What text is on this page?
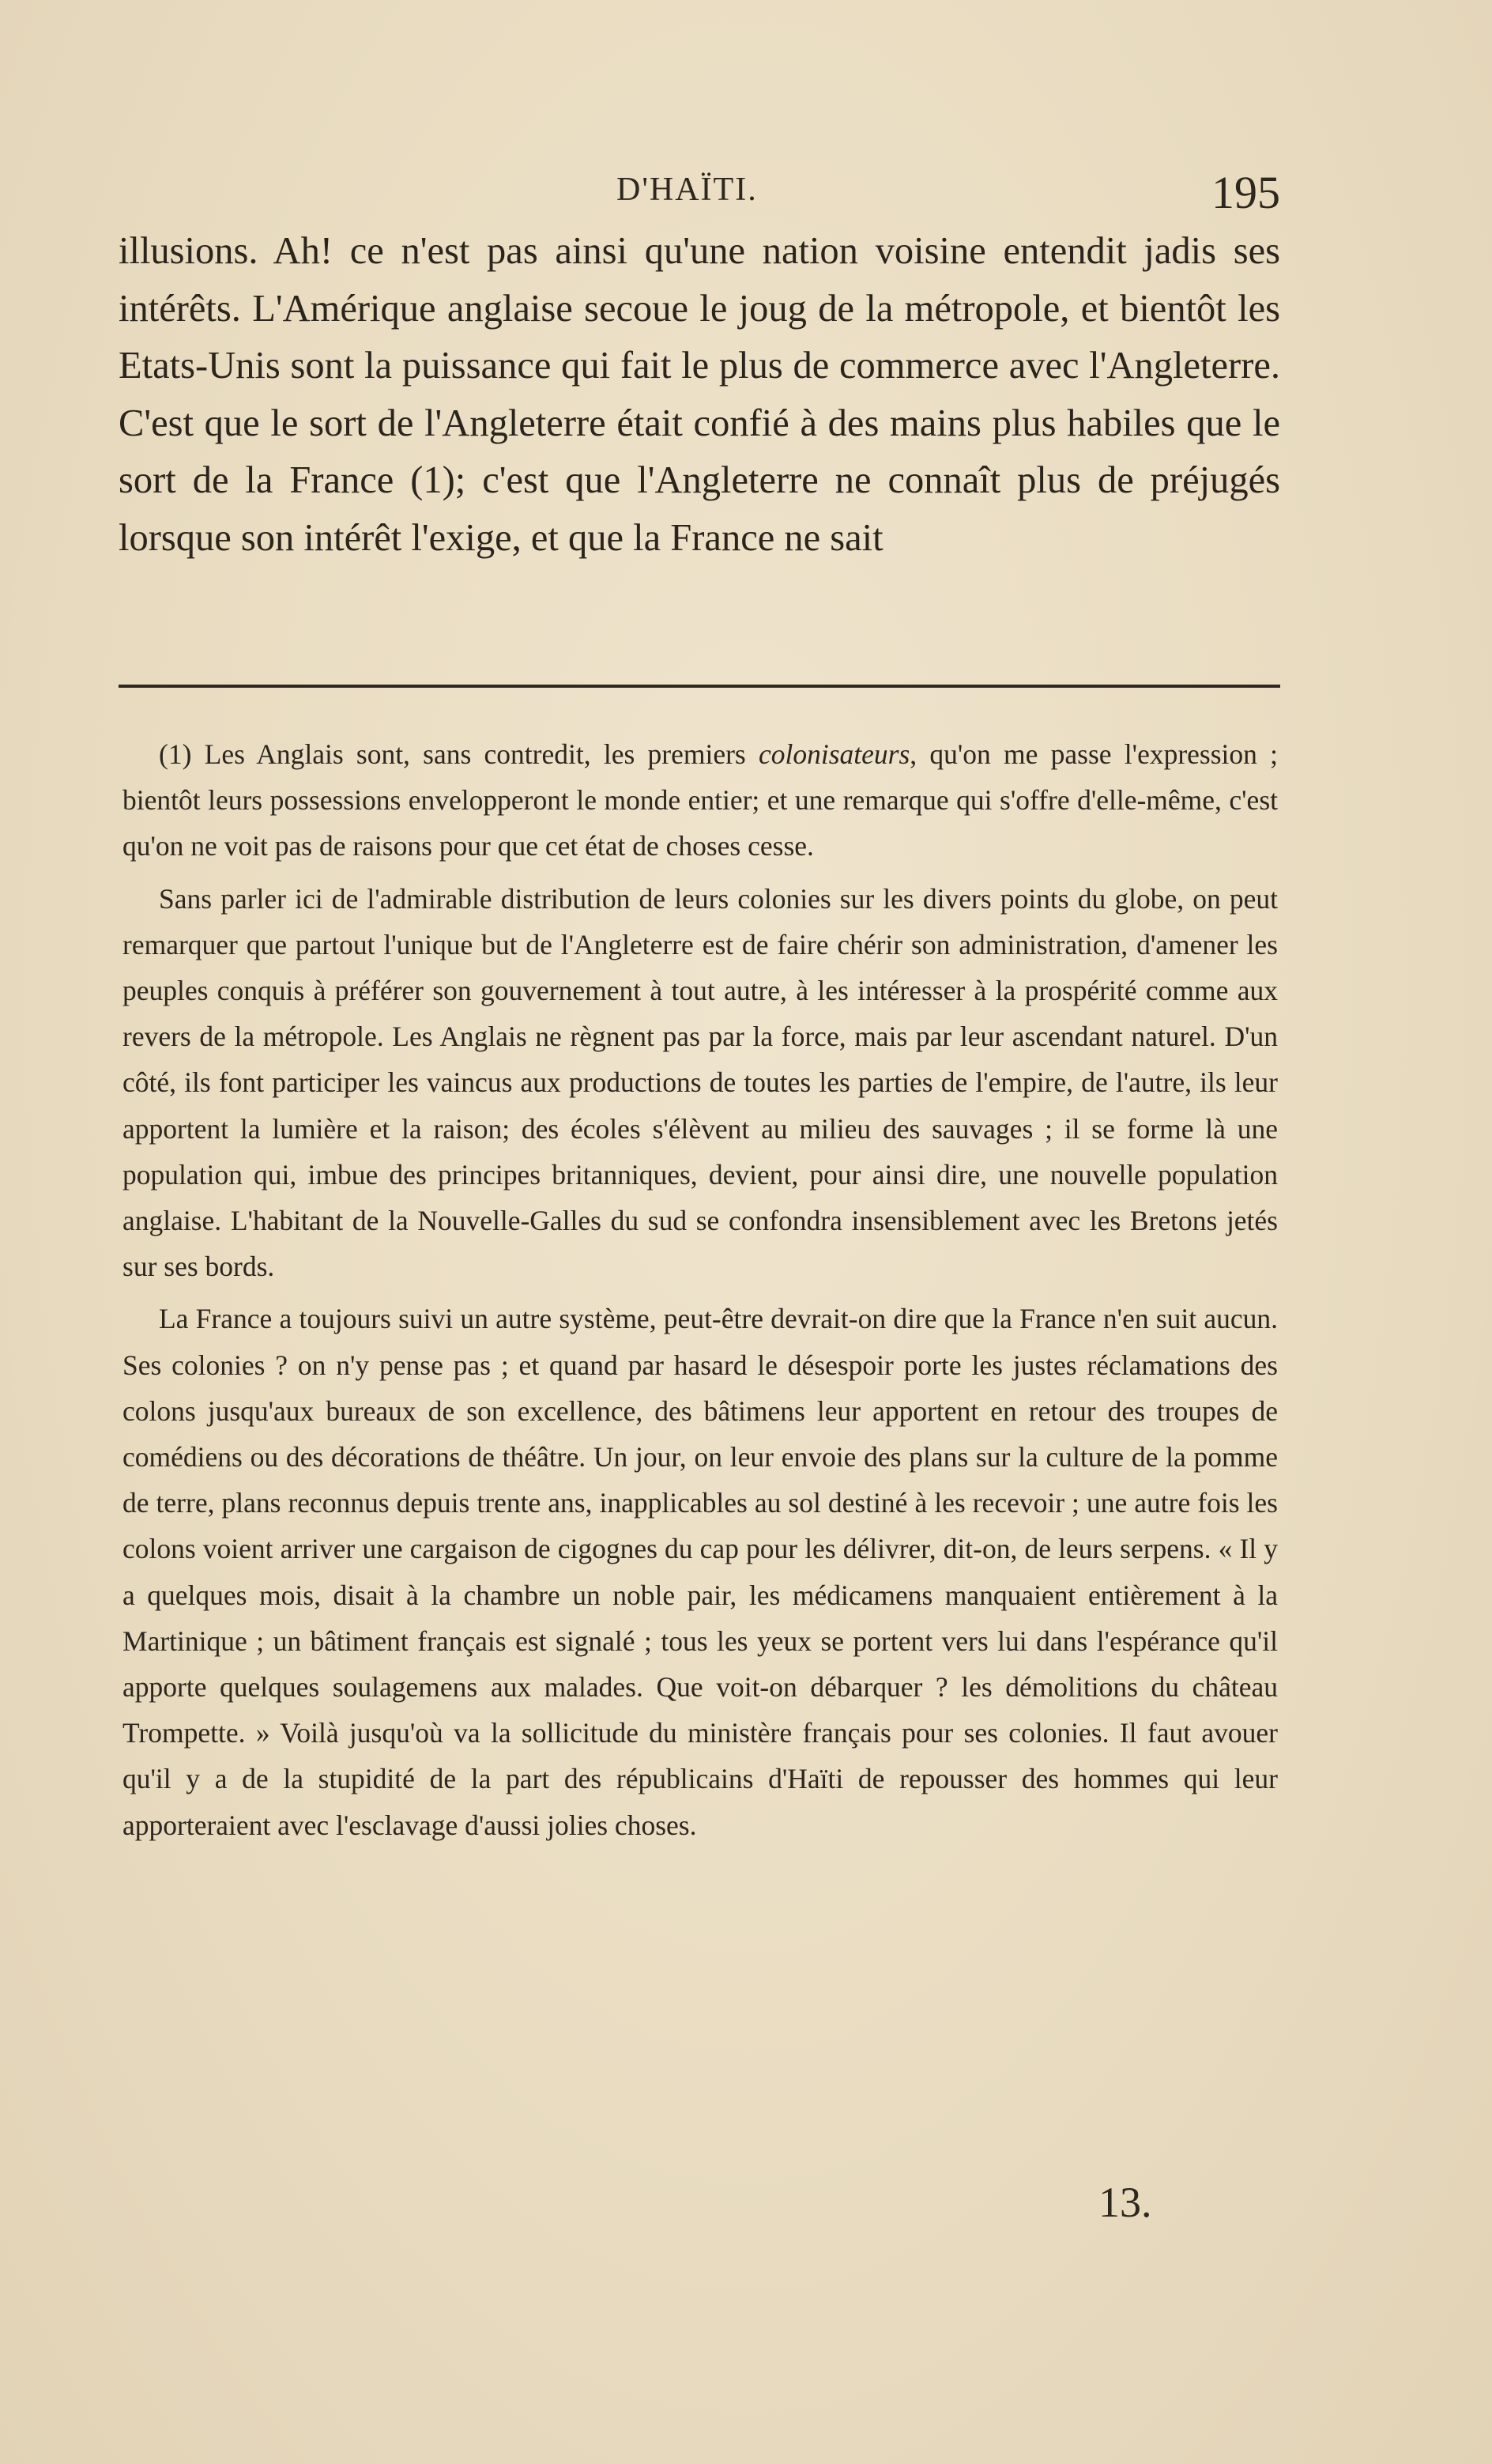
D'HAÏTI.	195

illusions. Ah! ce n'est pas ainsi qu'une nation voisine entendit jadis ses intérêts. L'Amérique anglaise secoue le joug de la métropole, et bientôt les Etats-Unis sont la puissance qui fait le plus de commerce avec l'Angleterre. C'est que le sort de l'Angleterre était confié à des mains plus habiles que le sort de la France (1); c'est que l'Angleterre ne connaît plus de préjugés lorsque son intérêt l'exige, et que la France ne sait

(1) Les Anglais sont, sans contredit, les premiers colonisateurs, qu'on me passe l'expression ; bientôt leurs possessions envelopperont le monde entier; et une remarque qui s'offre d'elle-même, c'est qu'on ne voit pas de raisons pour que cet état de choses cesse.

Sans parler ici de l'admirable distribution de leurs colonies sur les divers points du globe, on peut remarquer que partout l'unique but de l'Angleterre est de faire chérir son administration, d'amener les peuples conquis à préférer son gouvernement à tout autre, à les intéresser à la prospérité comme aux revers de la métropole. Les Anglais ne règnent pas par la force, mais par leur ascendant naturel. D'un côté, ils font participer les vaincus aux productions de toutes les parties de l'empire, de l'autre, ils leur apportent la lumière et la raison; des écoles s'élèvent au milieu des sauvages ; il se forme là une population qui, imbue des principes britanniques, devient, pour ainsi dire, une nouvelle population anglaise. L'habitant de la Nouvelle-Galles du sud se confondra insensiblement avec les Bretons jetés sur ses bords.

La France a toujours suivi un autre système, peut-être devrait-on dire que la France n'en suit aucun. Ses colonies ? on n'y pense pas ; et quand par hasard le désespoir porte les justes réclamations des colons jusqu'aux bureaux de son excellence, des bâtimens leur apportent en retour des troupes de comédiens ou des décorations de théâtre. Un jour, on leur envoie des plans sur la culture de la pomme de terre, plans reconnus depuis trente ans, inapplicables au sol destiné à les recevoir ; une autre fois les colons voient arriver une cargaison de cigognes du cap pour les délivrer, dit-on, de leurs serpens. « Il y a quelques mois, disait à la chambre un noble pair, les médicamens manquaient entièrement à la Martinique ; un bâtiment français est signalé ; tous les yeux se portent vers lui dans l'espérance qu'il apporte quelques soulagemens aux malades. Que voit-on débarquer ? les démolitions du château Trompette. » Voilà jusqu'où va la sollicitude du ministère français pour ses colonies. Il faut avouer qu'il y a de la stupidité de la part des républicains d'Haïti de repousser des hommes qui leur apporteraient avec l'esclavage d'aussi jolies choses.

13.
